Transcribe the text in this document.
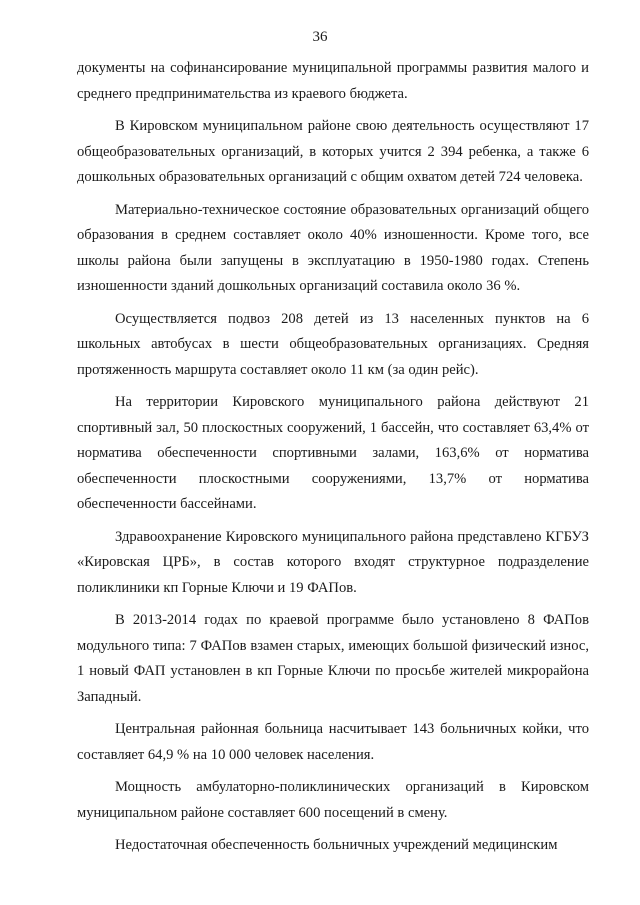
36

документы на софинансирование муниципальной программы развития малого и среднего предпринимательства из краевого бюджета.

В Кировском муниципальном районе свою деятельность осуществляют 17 общеобразовательных организаций, в которых учится 2 394 ребенка, а также 6 дошкольных образовательных организаций с общим охватом детей 724 человека.

Материально-техническое состояние образовательных организаций общего образования в среднем составляет около 40% изношенности. Кроме того, все школы района были запущены в эксплуатацию в 1950-1980 годах. Степень изношенности зданий дошкольных организаций составила около 36 %.

Осуществляется подвоз 208 детей из 13 населенных пунктов на 6 школьных автобусах в шести общеобразовательных организациях. Средняя протяженность маршрута составляет около 11 км (за один рейс).

На территории Кировского муниципального района действуют 21 спортивный зал, 50 плоскостных сооружений, 1 бассейн, что составляет 63,4% от норматива обеспеченности спортивными залами, 163,6% от норматива обеспеченности плоскостными сооружениями, 13,7% от норматива обеспеченности бассейнами.

Здравоохранение Кировского муниципального района представлено КГБУЗ «Кировская ЦРБ», в состав которого входят структурное подразделение поликлиники кп Горные Ключи и 19 ФАПов.

В 2013-2014 годах по краевой программе было установлено 8 ФАПов модульного типа: 7 ФАПов взамен старых, имеющих большой физический износ, 1 новый ФАП установлен в кп Горные Ключи по просьбе жителей микрорайона Западный.

Центральная районная больница насчитывает 143 больничных койки, что составляет 64,9 % на 10 000 человек населения.

Мощность амбулаторно-поликлинических организаций в Кировском муниципальном районе составляет 600 посещений в смену.

Недостаточная обеспеченность больничных учреждений медицинским
